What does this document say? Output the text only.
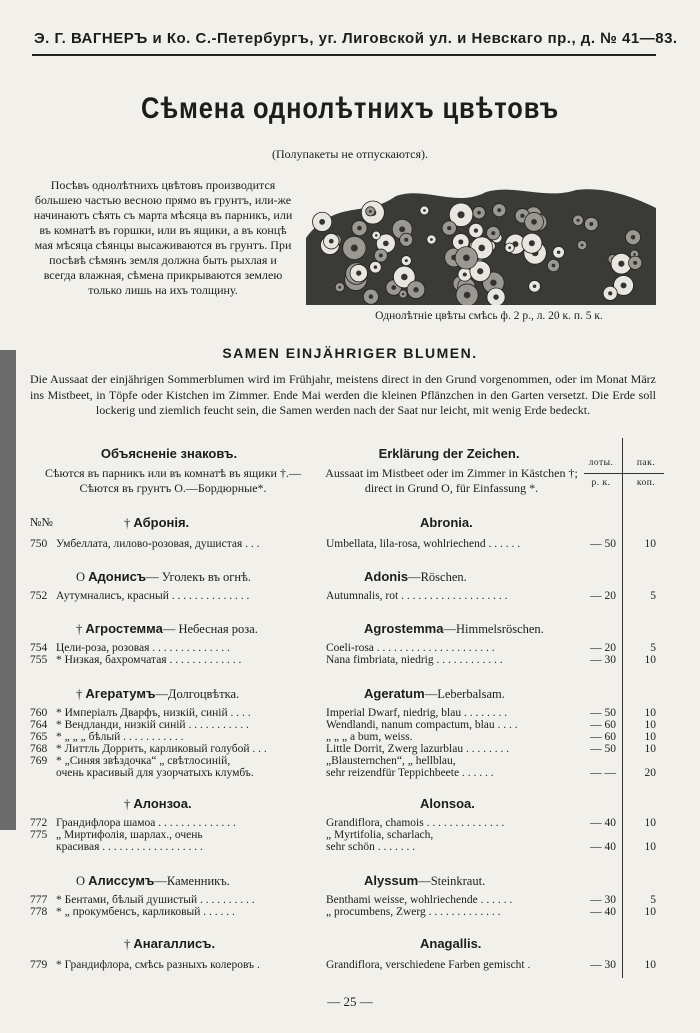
Э. Г. ВАГНЕРЪ и Ко. С.-Петербургъ, уг. Лиговской ул. и Невскаго пр., д. № 41—83.
Сѣмена однолѣтнихъ цвѣтовъ
(Полупакеты не отпускаются).
Посѣвъ однолѣтнихъ цвѣтовъ производится большею частью весною прямо въ грунтъ, или-же начинаютъ сѣять съ марта мѣсяца въ парникъ, или въ комнатѣ въ горшки, или въ ящики, а въ концѣ мая мѣсяца сѣянцы высаживаются въ грунтъ. При посѣвѣ сѣмянъ земля должна быть рыхлая и всегда влажная, сѣмена прикрываются землею только лишь на ихъ толщину.
Однолѣтніе цвѣты смѣсь ф. 2 р., л. 20 к. п. 5 к.
SAMEN EINJÄHRIGER BLUMEN.
Die Aussaat der einjährigen Sommerblumen wird im Frühjahr, meistens direct in den Grund vorgenommen, oder im Monat März ins Mistbeet, in Töpfe oder Kistchen im Zimmer. Ende Mai werden die kleinen Pflänzchen in den Garten versetzt. Die Erde soll lockerig und ziemlich feucht sein, die Samen werden nach der Saat nur leicht, mit wenig Erde bedeckt.
Объясненіе знаковъ.
Сѣются въ парникъ или въ комнатѣ въ ящики †.— Сѣются въ грунтъ О.—Бордюрные*.
Erklärung der Zeichen.
Aussaat im Mistbeet oder im Zimmer in Kästchen †; direct in Grund O, für Einfassung *.
лоты.
р. к.
пак.
коп.
№№	† Абронія.	Abronia.
750 Умбеллата, лилово-розовая, душистая . . .	Umbellata, lila-rosa, wohlriechend . . . . . .	— 50	10
О Адонисъ— Уголекъ въ огнѣ.	Adonis—Röschen.
752 Аутумналисъ, красный . . . . . . . . . . . . . .	Autumnalis, rot . . . . . . . . . . . . . . . . . . .	— 20	5
† Агростемма— Небесная роза.	Agrostemma—Himmelsröschen.
754 Цели-роза, розовая . . . . . . . . . . . . . .	Coeli-rosa . . . . . . . . . . . . . . . . . . . . .	— 20	5
755 * Низкая, бахромчатая . . . . . . . . . . . . .	Nana fimbriata, niedrig . . . . . . . . . . . .	— 30	10
† Агератумъ—Долгоцвѣтка.	Ageratum—Leberbalsam.
760 * Имперіалъ Дварфъ, низкій, синій . . . .	Imperial Dwarf, niedrig, blau . . . . . . . .	— 50	10
764 * Вендланди, низкій синій . . . . . . . . . . .	Wendlandi, nanum compactum, blau . . . .	— 60	10
765 * „ „ „ бѣлый . . . . . . . . . . .	„ „ „ a bum, weiss.	— 60	10
768 * Литтль Доррить, карликовый голубой . . .	Little Dorrit, Zwerg lazurblau . . . . . . . .	— 50	10
769 * „Синяя звѣздочка“ „ свѣтлосиній,	„Blausternchen“, „ hellblau,
очень красивый для узорчатыхъ клумбъ.	sehr reizendfür Teppichbeete . . . . . .	— —	20
† Алонзоа.	Alonsoa.
772 Грандифлора шамоа . . . . . . . . . . . . . .	Grandiflora, chamois . . . . . . . . . . . . . .	— 40	10
775 „ Миртифолія, шарлах., очень	„ Myrtifolia, scharlach,
красивая . . . . . . . . . . . . . . . . . .	sehr schön . . . . . . .	— 40	10
О Алиссумъ—Каменникъ.	Alyssum—Steinkraut.
777 * Бентами, бѣлый душистый . . . . . . . . . .	Benthami weisse, wohlriechende . . . . . .	— 30	5
778 * „ прокумбенсъ, карликовый . . . . . .	„ procumbens, Zwerg . . . . . . . . . . . . .	— 40	10
† Анагаллисъ.	Anagallis.
779 * Грандифлора, смѣсь разныхъ колеровъ .	Grandiflora, verschiedene Farben gemischt .	— 30	10
— 25 —
